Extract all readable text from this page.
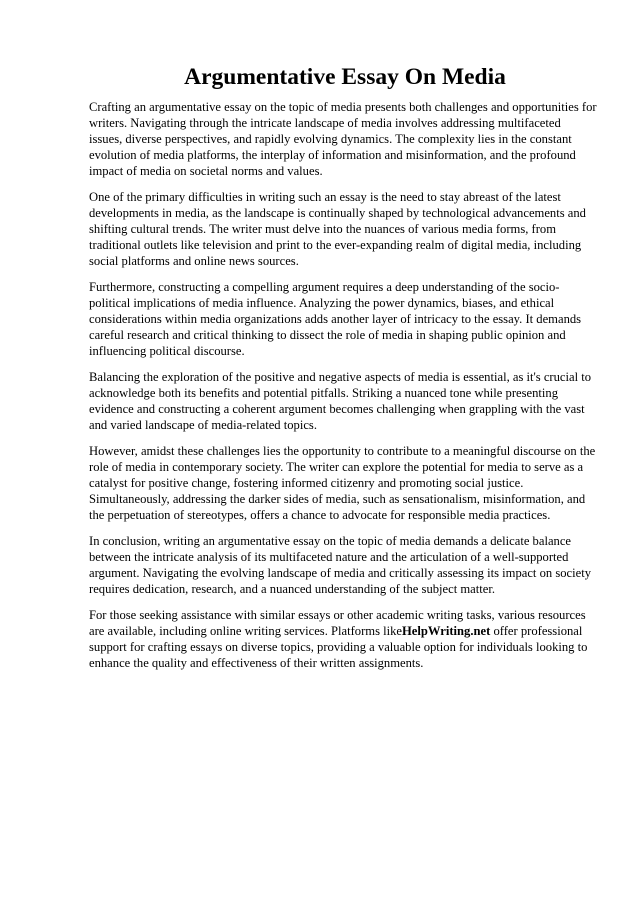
Argumentative Essay On Media

Crafting an argumentative essay on the topic of media presents both challenges and opportunities for writers. Navigating through the intricate landscape of media involves addressing multifaceted issues, diverse perspectives, and rapidly evolving dynamics. The complexity lies in the constant evolution of media platforms, the interplay of information and misinformation, and the profound impact of media on societal norms and values.

One of the primary difficulties in writing such an essay is the need to stay abreast of the latest developments in media, as the landscape is continually shaped by technological advancements and shifting cultural trends. The writer must delve into the nuances of various media forms, from traditional outlets like television and print to the ever-expanding realm of digital media, including social platforms and online news sources.

Furthermore, constructing a compelling argument requires a deep understanding of the socio-political implications of media influence. Analyzing the power dynamics, biases, and ethical considerations within media organizations adds another layer of intricacy to the essay. It demands careful research and critical thinking to dissect the role of media in shaping public opinion and influencing political discourse.

Balancing the exploration of the positive and negative aspects of media is essential, as it's crucial to acknowledge both its benefits and potential pitfalls. Striking a nuanced tone while presenting evidence and constructing a coherent argument becomes challenging when grappling with the vast and varied landscape of media-related topics.

However, amidst these challenges lies the opportunity to contribute to a meaningful discourse on the role of media in contemporary society. The writer can explore the potential for media to serve as a catalyst for positive change, fostering informed citizenry and promoting social justice. Simultaneously, addressing the darker sides of media, such as sensationalism, misinformation, and the perpetuation of stereotypes, offers a chance to advocate for responsible media practices.

In conclusion, writing an argumentative essay on the topic of media demands a delicate balance between the intricate analysis of its multifaceted nature and the articulation of a well-supported argument. Navigating the evolving landscape of media and critically assessing its impact on society requires dedication, research, and a nuanced understanding of the subject matter.

For those seeking assistance with similar essays or other academic writing tasks, various resources are available, including online writing services. Platforms likeHelpWriting.net offer professional support for crafting essays on diverse topics, providing a valuable option for individuals looking to enhance the quality and effectiveness of their written assignments.
